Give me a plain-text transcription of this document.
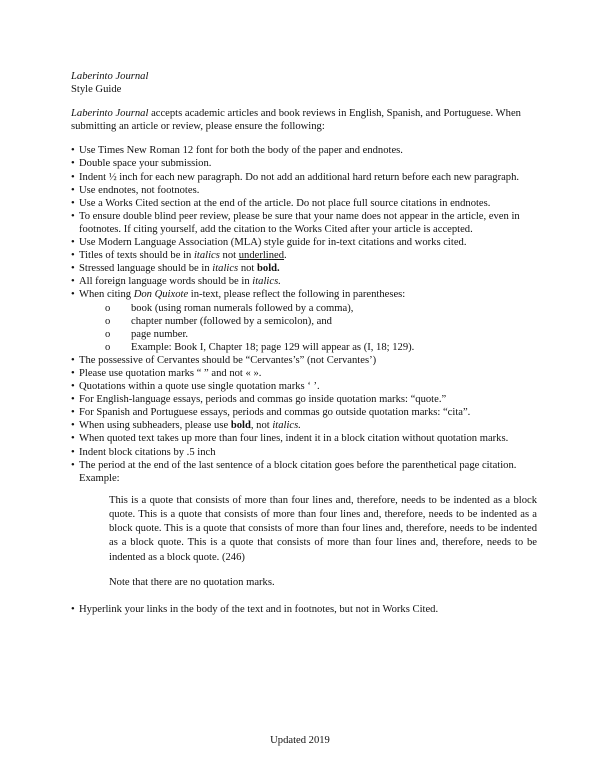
Laberinto Journal

Style Guide

Laberinto Journal accepts academic articles and book reviews in English, Spanish, and Portuguese. When submitting an article or review, please ensure the following:

• Use Times New Roman 12 font for both the body of the paper and endnotes.
• Double space your submission.
• Indent ½ inch for each new paragraph. Do not add an additional hard return before each new paragraph.
• Use endnotes, not footnotes.
• Use a Works Cited section at the end of the article. Do not place full source citations in endnotes.
• To ensure double blind peer review, please be sure that your name does not appear in the article, even in footnotes. If citing yourself, add the citation to the Works Cited after your article is accepted.
• Use Modern Language Association (MLA) style guide for in-text citations and works cited.
• Titles of texts should be in italics not underlined.
• Stressed language should be in italics not bold.
• All foreign language words should be in italics.
• When citing Don Quixote in-text, please reflect the following in parentheses:
o book (using roman numerals followed by a comma),
o chapter number (followed by a semicolon), and
o page number.
o Example: Book I, Chapter 18; page 129 will appear as (I, 18; 129).
• The possessive of Cervantes should be “Cervantes’s” (not Cervantes’)
• Please use quotation marks “ ” and not « ».
• Quotations within a quote use single quotation marks ‘ ’.
• For English-language essays, periods and commas go inside quotation marks: “quote.”
• For Spanish and Portuguese essays, periods and commas go outside quotation marks: “cita”.
• When using subheaders, please use bold, not italics.
• When quoted text takes up more than four lines, indent it in a block citation without quotation marks.
• Indent block citations by .5 inch
• The period at the end of the last sentence of a block citation goes before the parenthetical page citation. Example:

This is a quote that consists of more than four lines and, therefore, needs to be indented as a block quote. This is a quote that consists of more than four lines and, therefore, needs to be indented as a block quote. This is a quote that consists of more than four lines and, therefore, needs to be indented as a block quote. This is a quote that consists of more than four lines and, therefore, needs to be indented as a block quote. (246)

Note that there are no quotation marks.

• Hyperlink your links in the body of the text and in footnotes, but not in Works Cited.
Updated 2019
